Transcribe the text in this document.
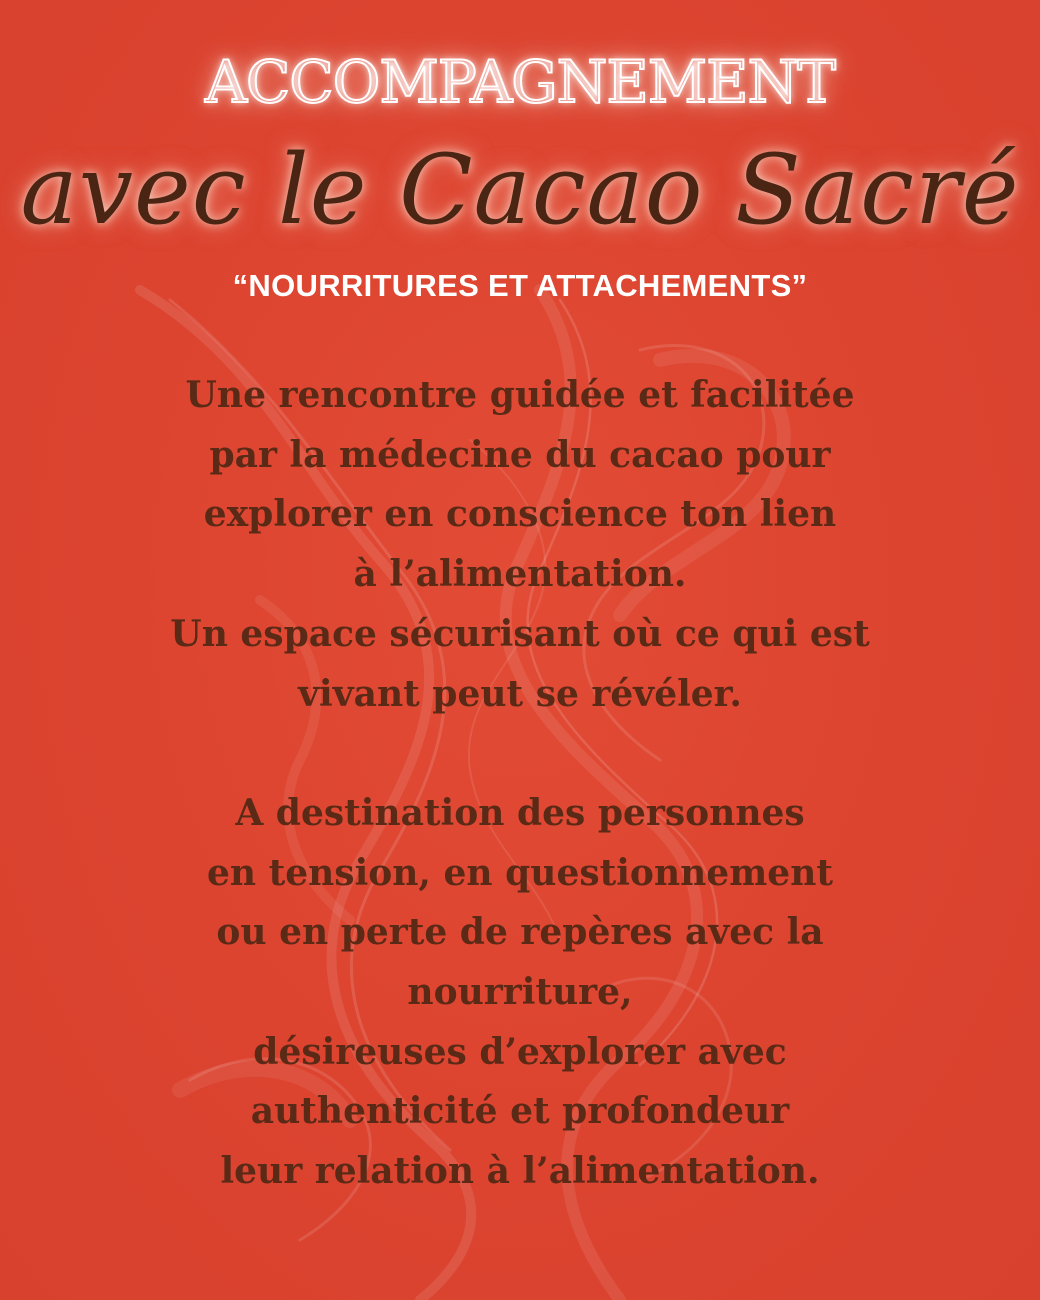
ACCOMPAGNEMENT
avec le Cacao Sacré
“NOURRITURES ET ATTACHEMENTS”
Une rencontre guidée et facilitée
par la médecine du cacao pour
explorer en conscience ton lien
à l’alimentation.
Un espace sécurisant où ce qui est
vivant peut se révéler.
A destination des personnes
en tension, en questionnement
ou en perte de repères avec la
nourriture,
désireuses d’explorer avec
authenticité et profondeur
leur relation à l’alimentation.
